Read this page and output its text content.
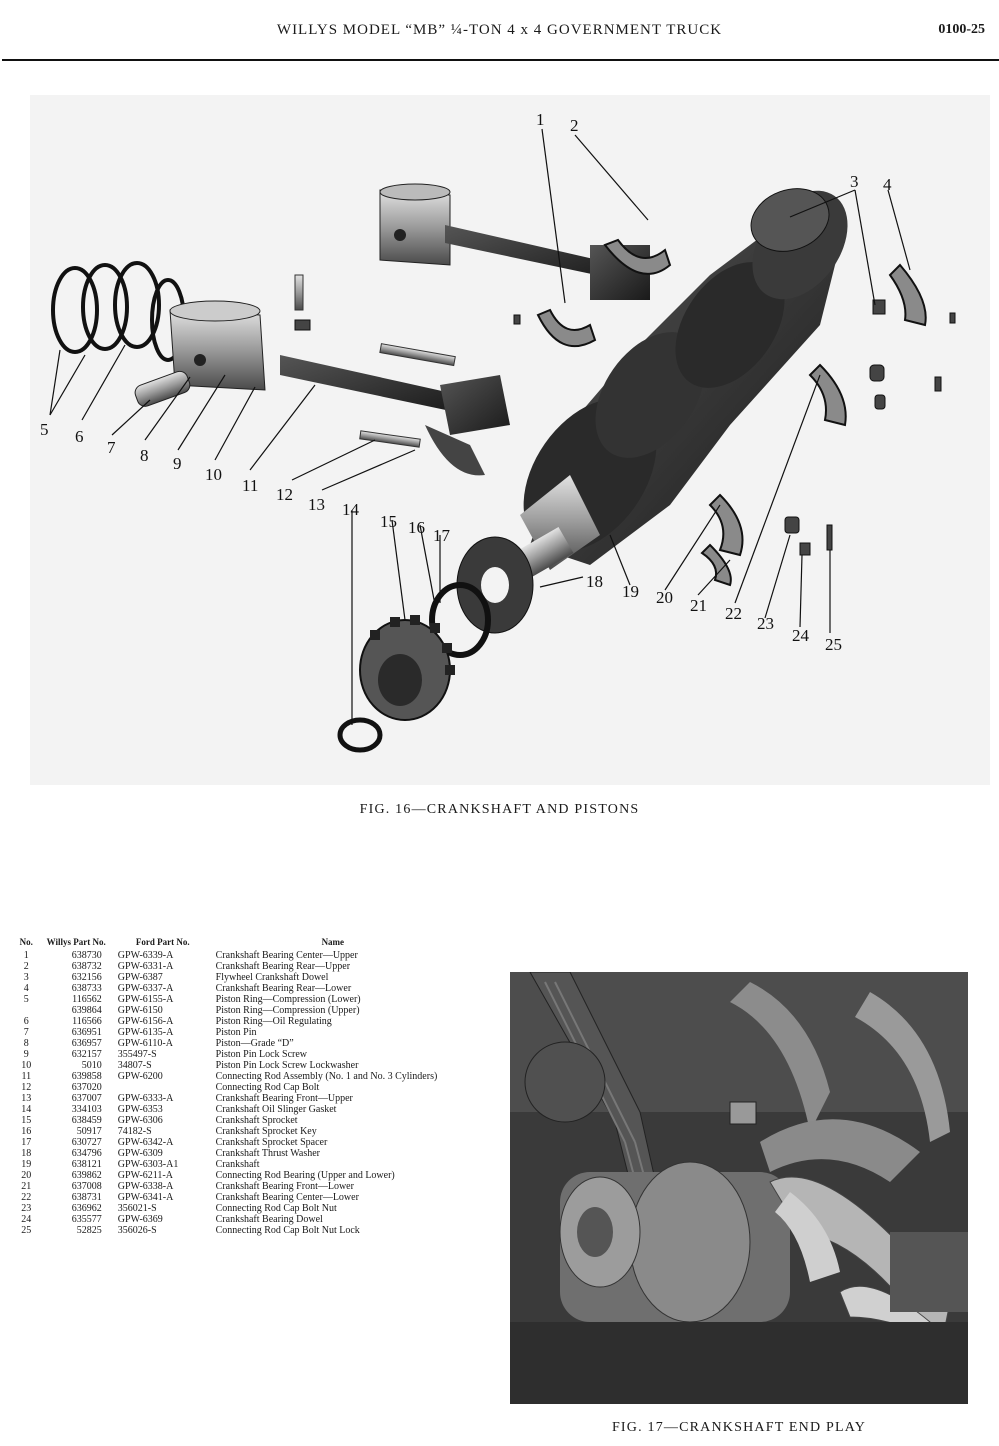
WILLYS MODEL “MB” ¼-TON 4 x 4 GOVERNMENT TRUCK	0100-25
1 2
3 4
5 6
7 8 9
10
11 12
13 14
15 16 17
18
19 20 21 22
23
24 25
FIG. 16—CRANKSHAFT AND PISTONS
No.	Willys Part No.	Ford Part No.	Name
1	638730	GPW-6339-A	Crankshaft Bearing Center—Upper
2	638732	GPW-6331-A	Crankshaft Bearing Rear—Upper
3	632156	GPW-6387	Flywheel Crankshaft Dowel
4	638733	GPW-6337-A	Crankshaft Bearing Rear—Lower
5	116562	GPW-6155-A	Piston Ring—Compression (Lower)
	639864	GPW-6150	Piston Ring—Compression (Upper)
6	116566	GPW-6156-A	Piston Ring—Oil Regulating
7	636951	GPW-6135-A	Piston Pin
8	636957	GPW-6110-A	Piston—Grade “D”
9	632157	355497-S	Piston Pin Lock Screw
10	5010	34807-S	Piston Pin Lock Screw Lockwasher
11	639858	GPW-6200	Connecting Rod Assembly (No. 1 and No. 3 Cylinders)
12	637020		Connecting Rod Cap Bolt
13	637007	GPW-6333-A	Crankshaft Bearing Front—Upper
14	334103	GPW-6353	Crankshaft Oil Slinger Gasket
15	638459	GPW-6306	Crankshaft Sprocket
16	50917	74182-S	Crankshaft Sprocket Key
17	630727	GPW-6342-A	Crankshaft Sprocket Spacer
18	634796	GPW-6309	Crankshaft Thrust Washer
19	638121	GPW-6303-A1	Crankshaft
20	639862	GPW-6211-A	Connecting Rod Bearing (Upper and Lower)
21	637008	GPW-6338-A	Crankshaft Bearing Front—Lower
22	638731	GPW-6341-A	Crankshaft Bearing Center—Lower
23	636962	356021-S	Connecting Rod Cap Bolt Nut
24	635577	GPW-6369	Crankshaft Bearing Dowel
25	52825	356026-S	Connecting Rod Cap Bolt Nut Lock
FIG. 17—CRANKSHAFT END PLAY
